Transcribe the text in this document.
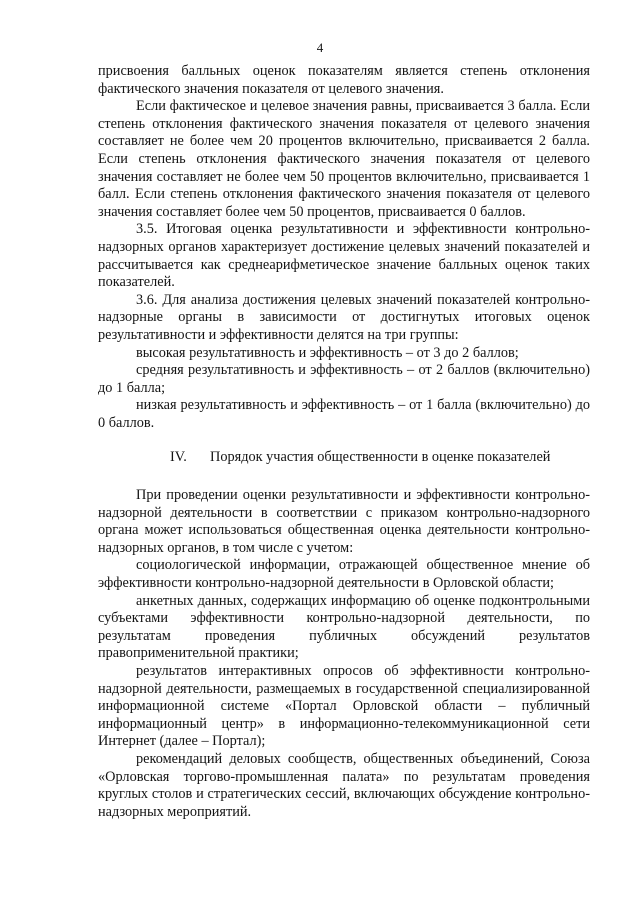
4

присвоения балльных оценок показателям является степень отклонения фактического значения показателя от целевого значения.

Если фактическое и целевое значения равны, присваивается 3 балла. Если степень отклонения фактического значения показателя от целевого значения составляет не более чем 20 процентов включительно, присваивается 2 балла. Если степень отклонения фактического значения показателя от целевого значения составляет не более чем 50 процентов включительно, присваивается 1 балл. Если степень отклонения фактического значения показателя от целевого значения составляет более чем 50 процентов, присваивается 0 баллов.

3.5. Итоговая оценка результативности и эффективности контрольно-надзорных органов характеризует достижение целевых значений показателей и рассчитывается как среднеарифметическое значение балльных оценок таких показателей.

3.6. Для анализа достижения целевых значений показателей контрольно-надзорные органы в зависимости от достигнутых итоговых оценок результативности и эффективности делятся на три группы:

высокая результативность и эффективность – от 3 до 2 баллов;

средняя результативность и эффективность – от 2 баллов (включительно) до 1 балла;

низкая результативность и эффективность – от 1 балла (включительно) до 0 баллов.

IV. Порядок участия общественности в оценке показателей

При проведении оценки результативности и эффективности контрольно-надзорной деятельности в соответствии с приказом контрольно-надзорного органа может использоваться общественная оценка деятельности контрольно-надзорных органов, в том числе с учетом:

социологической информации, отражающей общественное мнение об эффективности контрольно-надзорной деятельности в Орловской области;

анкетных данных, содержащих информацию об оценке подконтрольными субъектами эффективности контрольно-надзорной деятельности, по результатам проведения публичных обсуждений результатов правоприменительной практики;

результатов интерактивных опросов об эффективности контрольно-надзорной деятельности, размещаемых в государственной специализированной информационной системе «Портал Орловской области – публичный информационный центр» в информационно-телекоммуникационной сети Интернет (далее – Портал);

рекомендаций деловых сообществ, общественных объединений, Союза «Орловская торгово-промышленная палата» по результатам проведения круглых столов и стратегических сессий, включающих обсуждение контрольно-надзорных мероприятий.
